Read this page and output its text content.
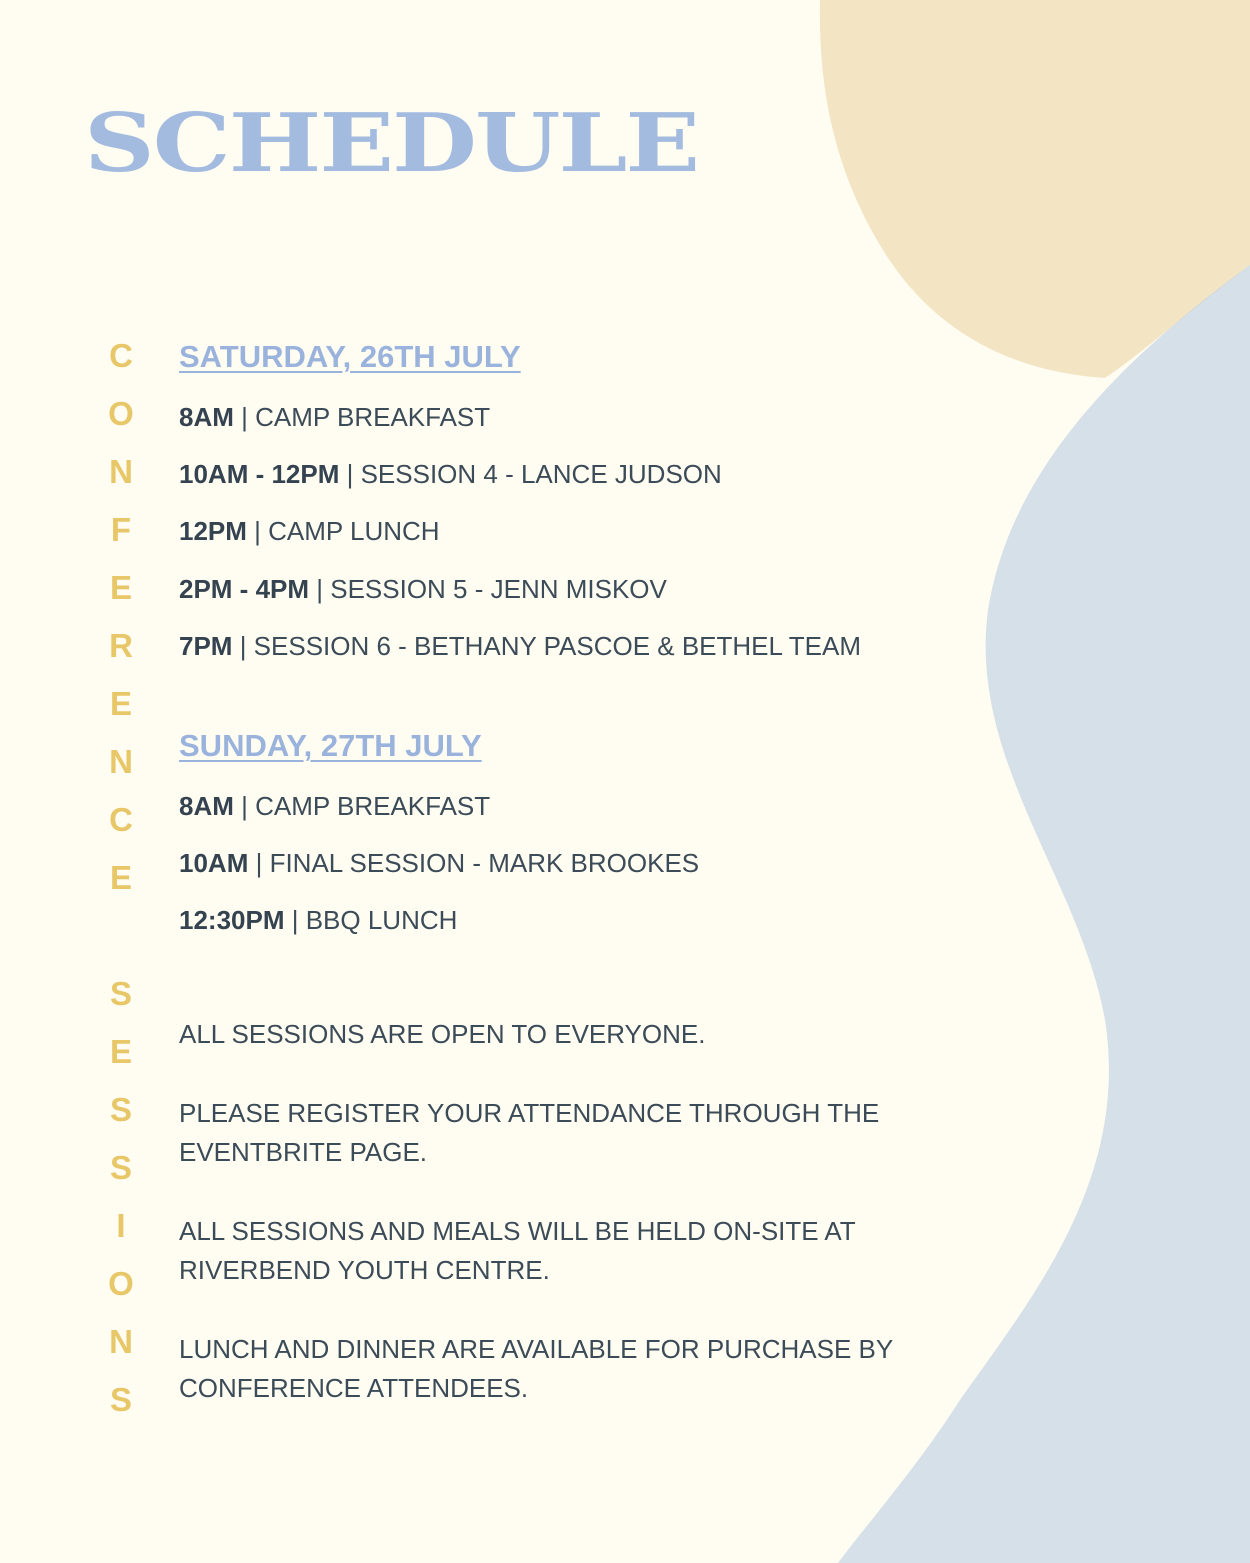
SCHEDULE
C
O
N
F
E
R
E
N
C
E
S
E
S
S
I
O
N
S
SATURDAY, 26TH JULY
8AM | CAMP BREAKFAST
10AM - 12PM | SESSION 4 - LANCE JUDSON
12PM | CAMP LUNCH
2PM - 4PM | SESSION 5 - JENN MISKOV
7PM | SESSION 6 - BETHANY PASCOE & BETHEL TEAM
SUNDAY, 27TH JULY
8AM | CAMP BREAKFAST
10AM | FINAL SESSION - MARK BROOKES
12:30PM | BBQ LUNCH

ALL SESSIONS ARE OPEN TO EVERYONE.

PLEASE REGISTER YOUR ATTENDANCE THROUGH THE EVENTBRITE PAGE.

ALL SESSIONS AND MEALS WILL BE HELD ON-SITE AT RIVERBEND YOUTH CENTRE.

LUNCH AND DINNER ARE AVAILABLE FOR PURCHASE BY CONFERENCE ATTENDEES.
